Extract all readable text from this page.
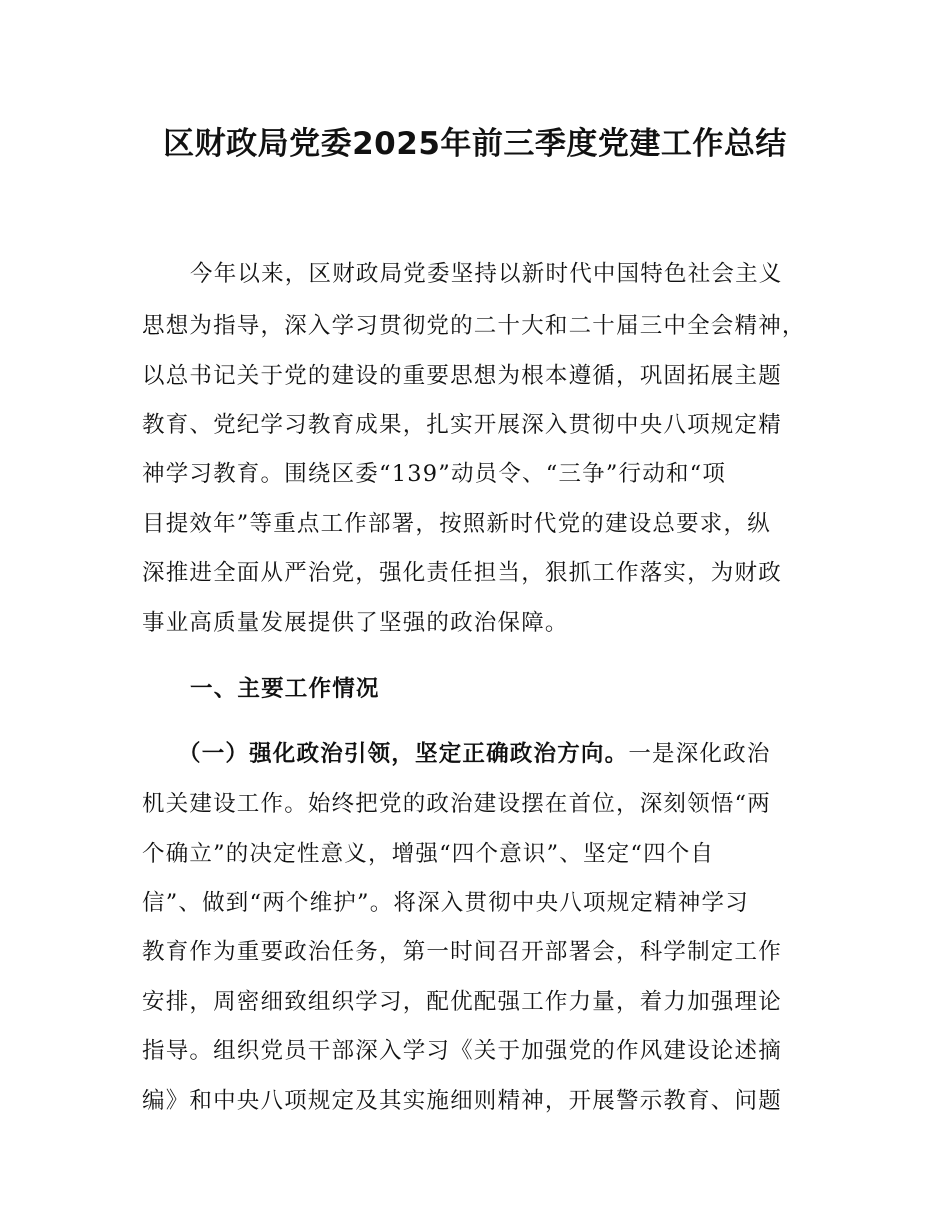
区财政局党委2025年前三季度党建工作总结
今年以来，区财政局党委坚持以新时代中国特色社会主义
思想为指导，深入学习贯彻党的二十大和二十届三中全会精神，
以总书记关于党的建设的重要思想为根本遵循，巩固拓展主题
教育、党纪学习教育成果，扎实开展深入贯彻中央八项规定精
神学习教育。围绕区委“139”动员令、“三争”行动和“项
目提效年”等重点工作部署，按照新时代党的建设总要求，纵
深推进全面从严治党，强化责任担当，狠抓工作落实，为财政
事业高质量发展提供了坚强的政治保障。
一、主要工作情况
（一）强化政治引领，坚定正确政治方向。一是深化政治
机关建设工作。始终把党的政治建设摆在首位，深刻领悟“两
个确立”的决定性意义，增强“四个意识”、坚定“四个自
信”、做到“两个维护”。将深入贯彻中央八项规定精神学习
教育作为重要政治任务，第一时间召开部署会，科学制定工作
安排，周密细致组织学习，配优配强工作力量，着力加强理论
指导。组织党员干部深入学习《关于加强党的作风建设论述摘
编》和中央八项规定及其实施细则精神，开展警示教育、问题
